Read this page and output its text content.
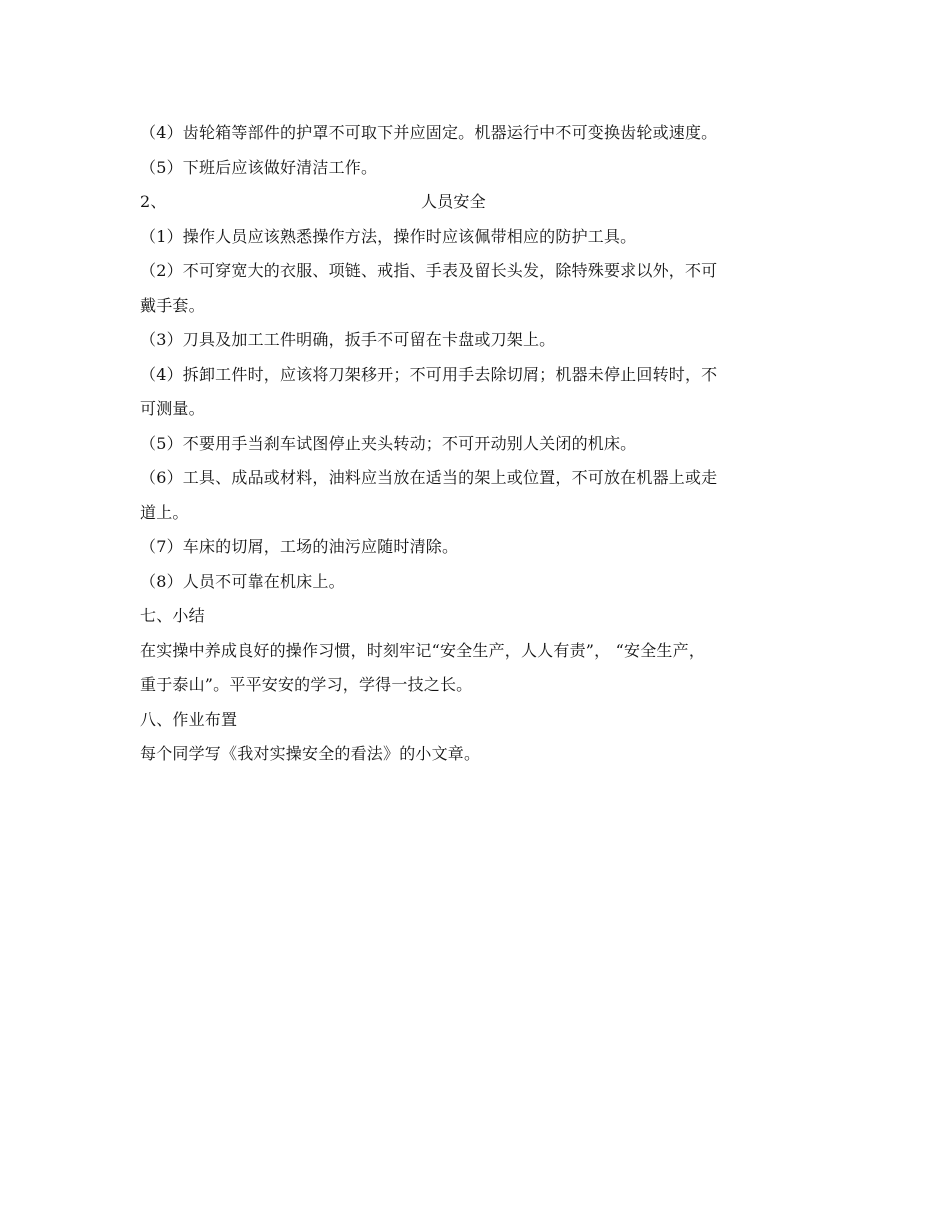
（4）齿轮箱等部件的护罩不可取下并应固定。机器运行中不可变换齿轮或速度。
（5）下班后应该做好清洁工作。
2、	人员安全
（1）操作人员应该熟悉操作方法，操作时应该佩带相应的防护工具。
（2）不可穿宽大的衣服、项链、戒指、手表及留长头发，除特殊要求以外，不可
戴手套。
（3）刀具及加工工件明确，扳手不可留在卡盘或刀架上。
（4）拆卸工件时，应该将刀架移开；不可用手去除切屑；机器未停止回转时，不
可测量。
（5）不要用手当刹车试图停止夹头转动；不可开动别人关闭的机床。
（6）工具、成品或材料，油料应当放在适当的架上或位置，不可放在机器上或走
道上。
（7）车床的切屑，工场的油污应随时清除。
（8）人员不可靠在机床上。
七、小结
在实操中养成良好的操作习惯，时刻牢记“安全生产，人人有责”， “安全生产，
重于泰山”。平平安安的学习，学得一技之长。
八、作业布置
每个同学写《我对实操安全的看法》的小文章。
